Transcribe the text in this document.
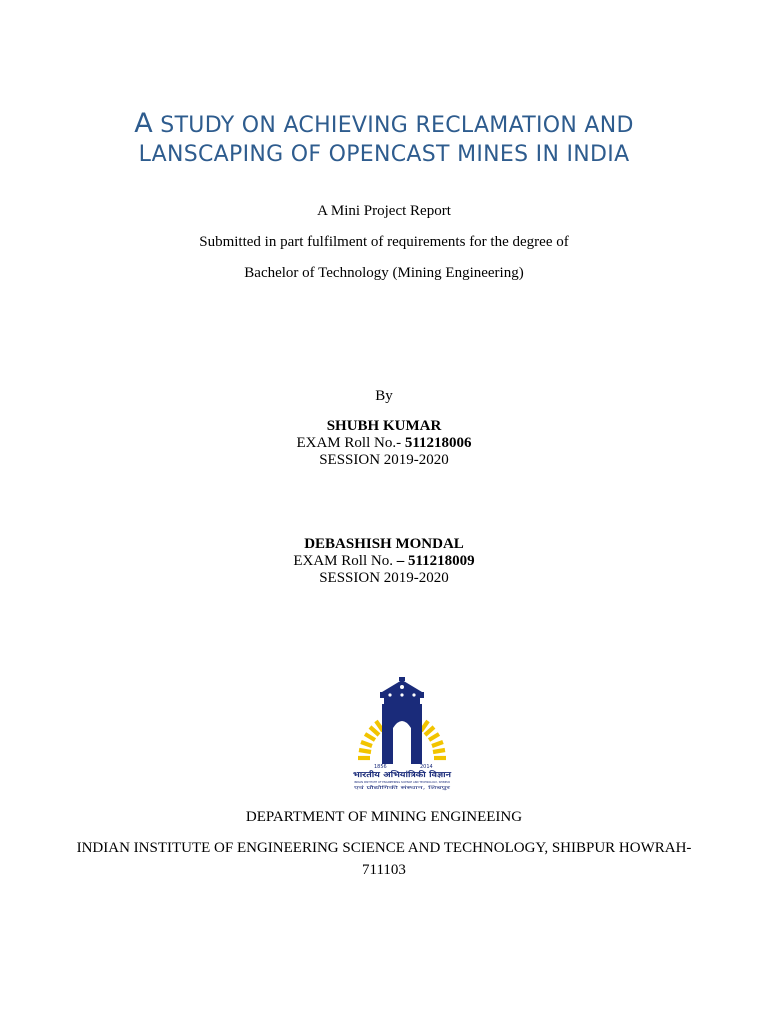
A STUDY ON ACHIEVING RECLAMATION AND
LANSCAPING OF OPENCAST MINES IN INDIA
A Mini Project Report
Submitted in part fulfilment of requirements for the degree of
Bachelor of Technology (Mining Engineering)
By
SHUBH KUMAR
EXAM Roll No.- 511218006
SESSION 2019-2020
DEBASHISH MONDAL
EXAM Roll No. – 511218009
SESSION 2019-2020
1856	2014
भारतीय अभियांत्रिकी विज्ञान
INDIAN INSTITUTE OF ENGINEERING SCIENCE AND TECHNOLOGY, SHIBPUR
एवं प्रौद्योगिकी संस्थान, शिबपुर
DEPARTMENT OF MINING ENGINEEING
INDIAN INSTITUTE OF ENGINEERING SCIENCE AND TECHNOLOGY, SHIBPUR HOWRAH-
711103
